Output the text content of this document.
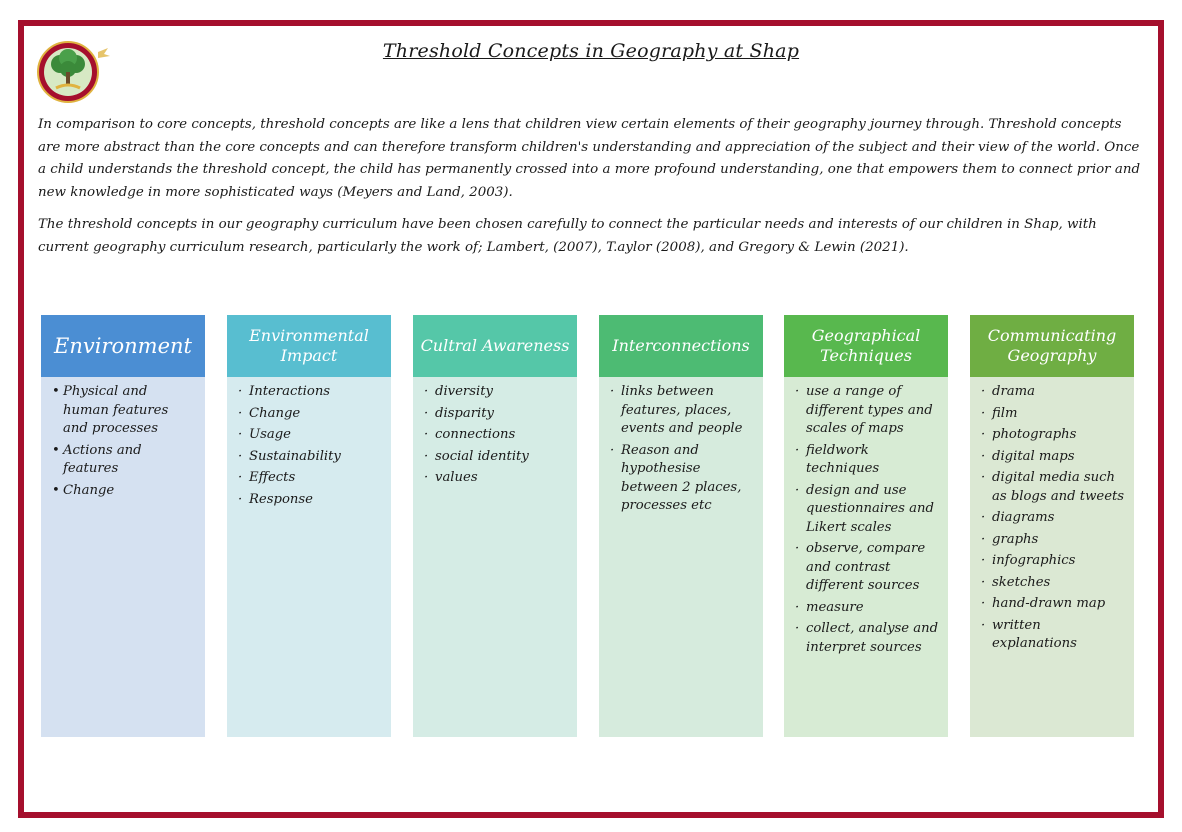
Threshold Concepts in Geography at Shap
In comparison to core concepts, threshold concepts are like a lens that children view certain elements of their geography journey through. Threshold concepts are more abstract than the core concepts and can therefore transform children's understanding and appreciation of the subject and their view of the world. Once a child understands the threshold concept, the child has permanently crossed into a more profound understanding, one that empowers them to connect prior and new knowledge in more sophisticated ways (Meyers and Land, 2003).
The threshold concepts in our geography curriculum have been chosen carefully to connect the particular needs and interests of our children in Shap, with current geography curriculum research, particularly the work of; Lambert, (2007), T.aylor (2008), and Gregory & Lewin (2021).
Environment
• Physical and human features and processes
• Actions and features
• Change
Environmental Impact
· Interactions
· Change
· Usage
· Sustainability
· Effects
· Response
Cultral Awareness
· diversity
· disparity
· connections
· social identity
· values
Interconnections
· links between features, places, events and people
· Reason and hypothesise between 2 places, processes etc
Geographical Techniques
· use a range of different types and scales of maps
· fieldwork techniques
· design and use questionnaires and Likert scales
· observe, compare and contrast different sources
· measure
· collect, analyse and interpret sources
Communicating Geography
· drama
· film
· photographs
· digital maps
· digital media such as blogs and tweets
· diagrams
· graphs
· infographics
· sketches
· hand-drawn map
· written explanations
